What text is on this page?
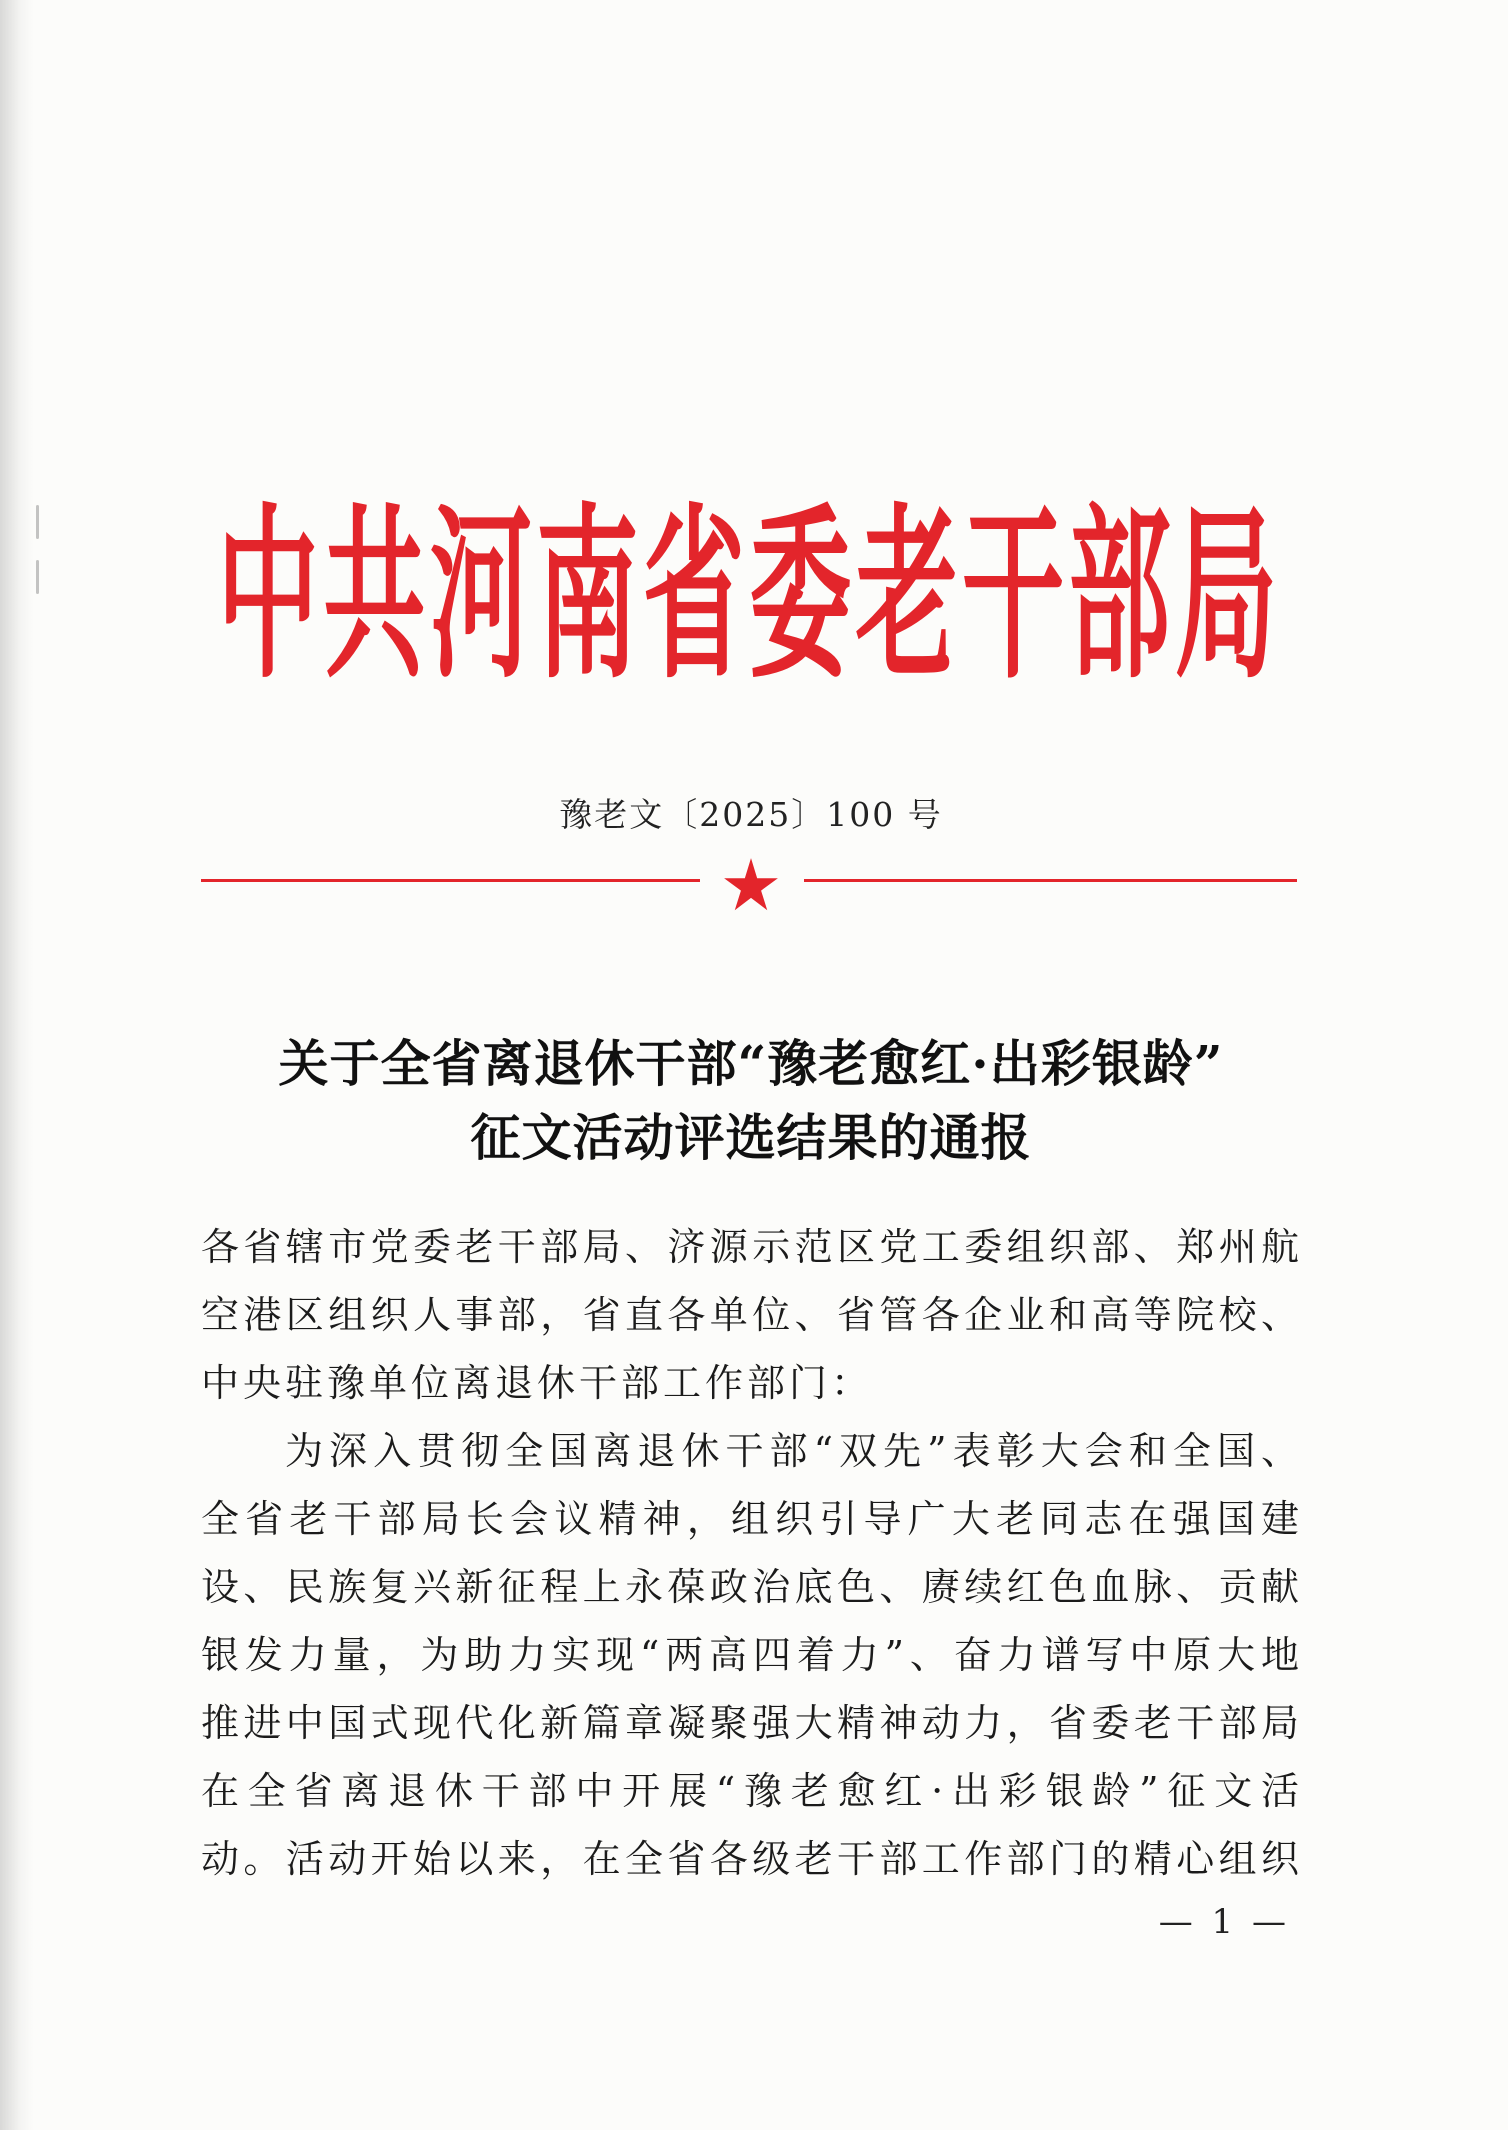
中共河南省委老干部局
豫老文〔2025〕100 号
关于全省离退休干部“豫老愈红·出彩银龄”
征文活动评选结果的通报
各省辖市党委老干部局、济源示范区党工委组织部、郑州航
空港区组织人事部，省直各单位、省管各企业和高等院校、
中央驻豫单位离退休干部工作部门：
为深入贯彻全国离退休干部“双先”表彰大会和全国、
全省老干部局长会议精神，组织引导广大老同志在强国建
设、民族复兴新征程上永葆政治底色、赓续红色血脉、贡献
银发力量，为助力实现“两高四着力”、奋力谱写中原大地
推进中国式现代化新篇章凝聚强大精神动力，省委老干部局
在全省离退休干部中开展“豫老愈红·出彩银龄”征文活
动。活动开始以来，在全省各级老干部工作部门的精心组织
— 1 —
